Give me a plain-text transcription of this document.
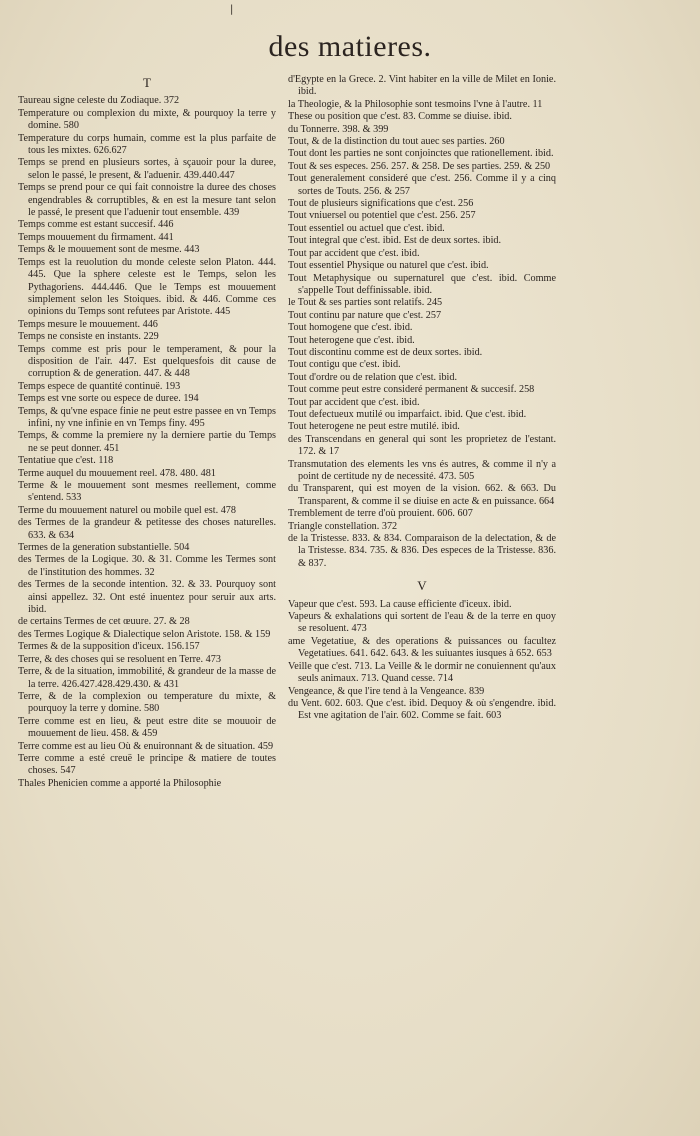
|
des matieres.
T

Taureau signe celeste du Zodiaque. 372

Temperature ou complexion du mixte, & pourquoy la terre y domine. 580

Temperature du corps humain, comme est la plus parfaite de tous les mixtes. 626.627

Temps se prend en plusieurs sortes, à sçauoir pour la duree, selon le passé, le present, & l'aduenir. 439.440.447

Temps se prend pour ce qui fait connoistre la duree des choses engendrables & corruptibles, & en est la mesure tant selon le passé, le present que l'aduenir tout ensemble. 439

Temps comme est estant succesif. 446

Temps mouuement du firmament. 441

Temps & le mouuement sont de mesme. 443

Temps est la reuolution du monde celeste selon Platon. 444. 445. Que la sphere celeste est le Temps, selon les Pythagoriens. 444.446. Que le Temps est mouuement simplement selon les Stoiques. ibid. & 446. Comme ces opinions du Temps sont refutees par Aristote. 445

Temps mesure le mouuement. 446

Temps ne consiste en instants. 229

Temps comme est pris pour le temperament, & pour la disposition de l'air. 447. Est quelquesfois dit cause de corruption & de generation. 447. & 448

Temps espece de quantité continuë. 193

Temps est vne sorte ou espece de duree. 194

Temps, & qu'vne espace finie ne peut estre passee en vn Temps infini, ny vne infinie en vn Temps finy. 495

Temps, & comme la premiere ny la derniere partie du Temps ne se peut donner. 451

Tentatiue que c'est. 118

Terme auquel du mouuement reel. 478. 480. 481

Terme & le mouuement sont mesmes reellement, comme s'entend. 533

Terme du mouuement naturel ou mobile quel est. 478

des Termes de la grandeur & petitesse des choses naturelles. 633. & 634

Termes de la generation substantielle. 504

des Termes de la Logique. 30. & 31. Comme les Termes sont de l'institution des hommes. 32

des Termes de la seconde intention. 32. & 33. Pourquoy sont ainsi appellez. 32. Ont esté inuentez pour seruir aux arts. ibid.

de certains Termes de cet œuure. 27. & 28

des Termes Logique & Dialectique selon Aristote. 158. & 159

Termes & de la supposition d'iceux. 156.157

Terre, & des choses qui se resoluent en Terre. 473

Terre, & de la situation, immobilité, & grandeur de la masse de la terre. 426.427.428.429.430. & 431

Terre, & de la complexion ou temperature du mixte, & pourquoy la terre y domine. 580

Terre comme est en lieu, & peut estre dite se mouuoir de mouuement de lieu. 458. & 459

Terre comme est au lieu Où & enuironnant & de situation. 459

Terre comme a esté creuë le principe & matiere de toutes choses. 547

Thales Phenicien comme a apporté la Philosophie

d'Egypte en la Grece. 2. Vint habiter en la ville de Milet en Ionie. ibid.

la Theologie, & la Philosophie sont tesmoins l'vne à l'autre. 11

These ou position que c'est. 83. Comme se diuise. ibid.

du Tonnerre. 398. & 399

Tout, & de la distinction du tout auec ses parties. 260

Tout dont les parties ne sont conjoinctes que rationellement. ibid.

Tout & ses especes. 256. 257. & 258. De ses parties. 259. & 250

Tout generalement consideré que c'est. 256. Comme il y a cinq sortes de Touts. 256. & 257

Tout de plusieurs significations que c'est. 256

Tout vniuersel ou potentiel que c'est. 256. 257

Tout essentiel ou actuel que c'est. ibid.

Tout integral que c'est. ibid. Est de deux sortes. ibid.

Tout par accident que c'est. ibid.

Tout essentiel Physique ou naturel que c'est. ibid.

Tout Metaphysique ou supernaturel que c'est. ibid. Comme s'appelle Tout deffinissable. ibid.

le Tout & ses parties sont relatifs. 245

Tout continu par nature que c'est. 257

Tout homogene que c'est. ibid.

Tout heterogene que c'est. ibid.

Tout discontinu comme est de deux sortes. ibid.

Tout contigu que c'est. ibid.

Tout d'ordre ou de relation que c'est. ibid.

Tout comme peut estre consideré permanent & succesif. 258

Tout par accident que c'est. ibid.

Tout defectueux mutilé ou imparfaict. ibid. Que c'est. ibid.

Tout heterogene ne peut estre mutilé. ibid.

des Transcendans en general qui sont les proprietez de l'estant. 172. & 17

Transmutation des elements les vns és autres, & comme il n'y a point de certitude ny de necessité. 473. 505

du Transparent, qui est moyen de la vision. 662. & 663. Du Transparent, & comme il se diuise en acte & en puissance. 664

Tremblement de terre d'où prouient. 606. 607

Triangle constellation. 372

de la Tristesse. 833. & 834. Comparaison de la delectation, & de la Tristesse. 834. 735. & 836. Des especes de la Tristesse. 836. & 837.

V

Vapeur que c'est. 593. La cause efficiente d'iceux. ibid.

Vapeurs & exhalations qui sortent de l'eau & de la terre en quoy se resoluent. 473

ame Vegetatiue, & des operations & puissances ou facultez Vegetatiues. 641. 642. 643. & les suiuantes iusques à 652. 653

Veille que c'est. 713. La Veille & le dormir ne conuiennent qu'aux seuls animaux. 713. Quand cesse. 714

Vengeance, & que l'ire tend à la Vengeance. 839

du Vent. 602. 603. Que c'est. ibid. Dequoy & où s'engendre. ibid. Est vne agitation de l'air. 602. Comme se fait. 603
